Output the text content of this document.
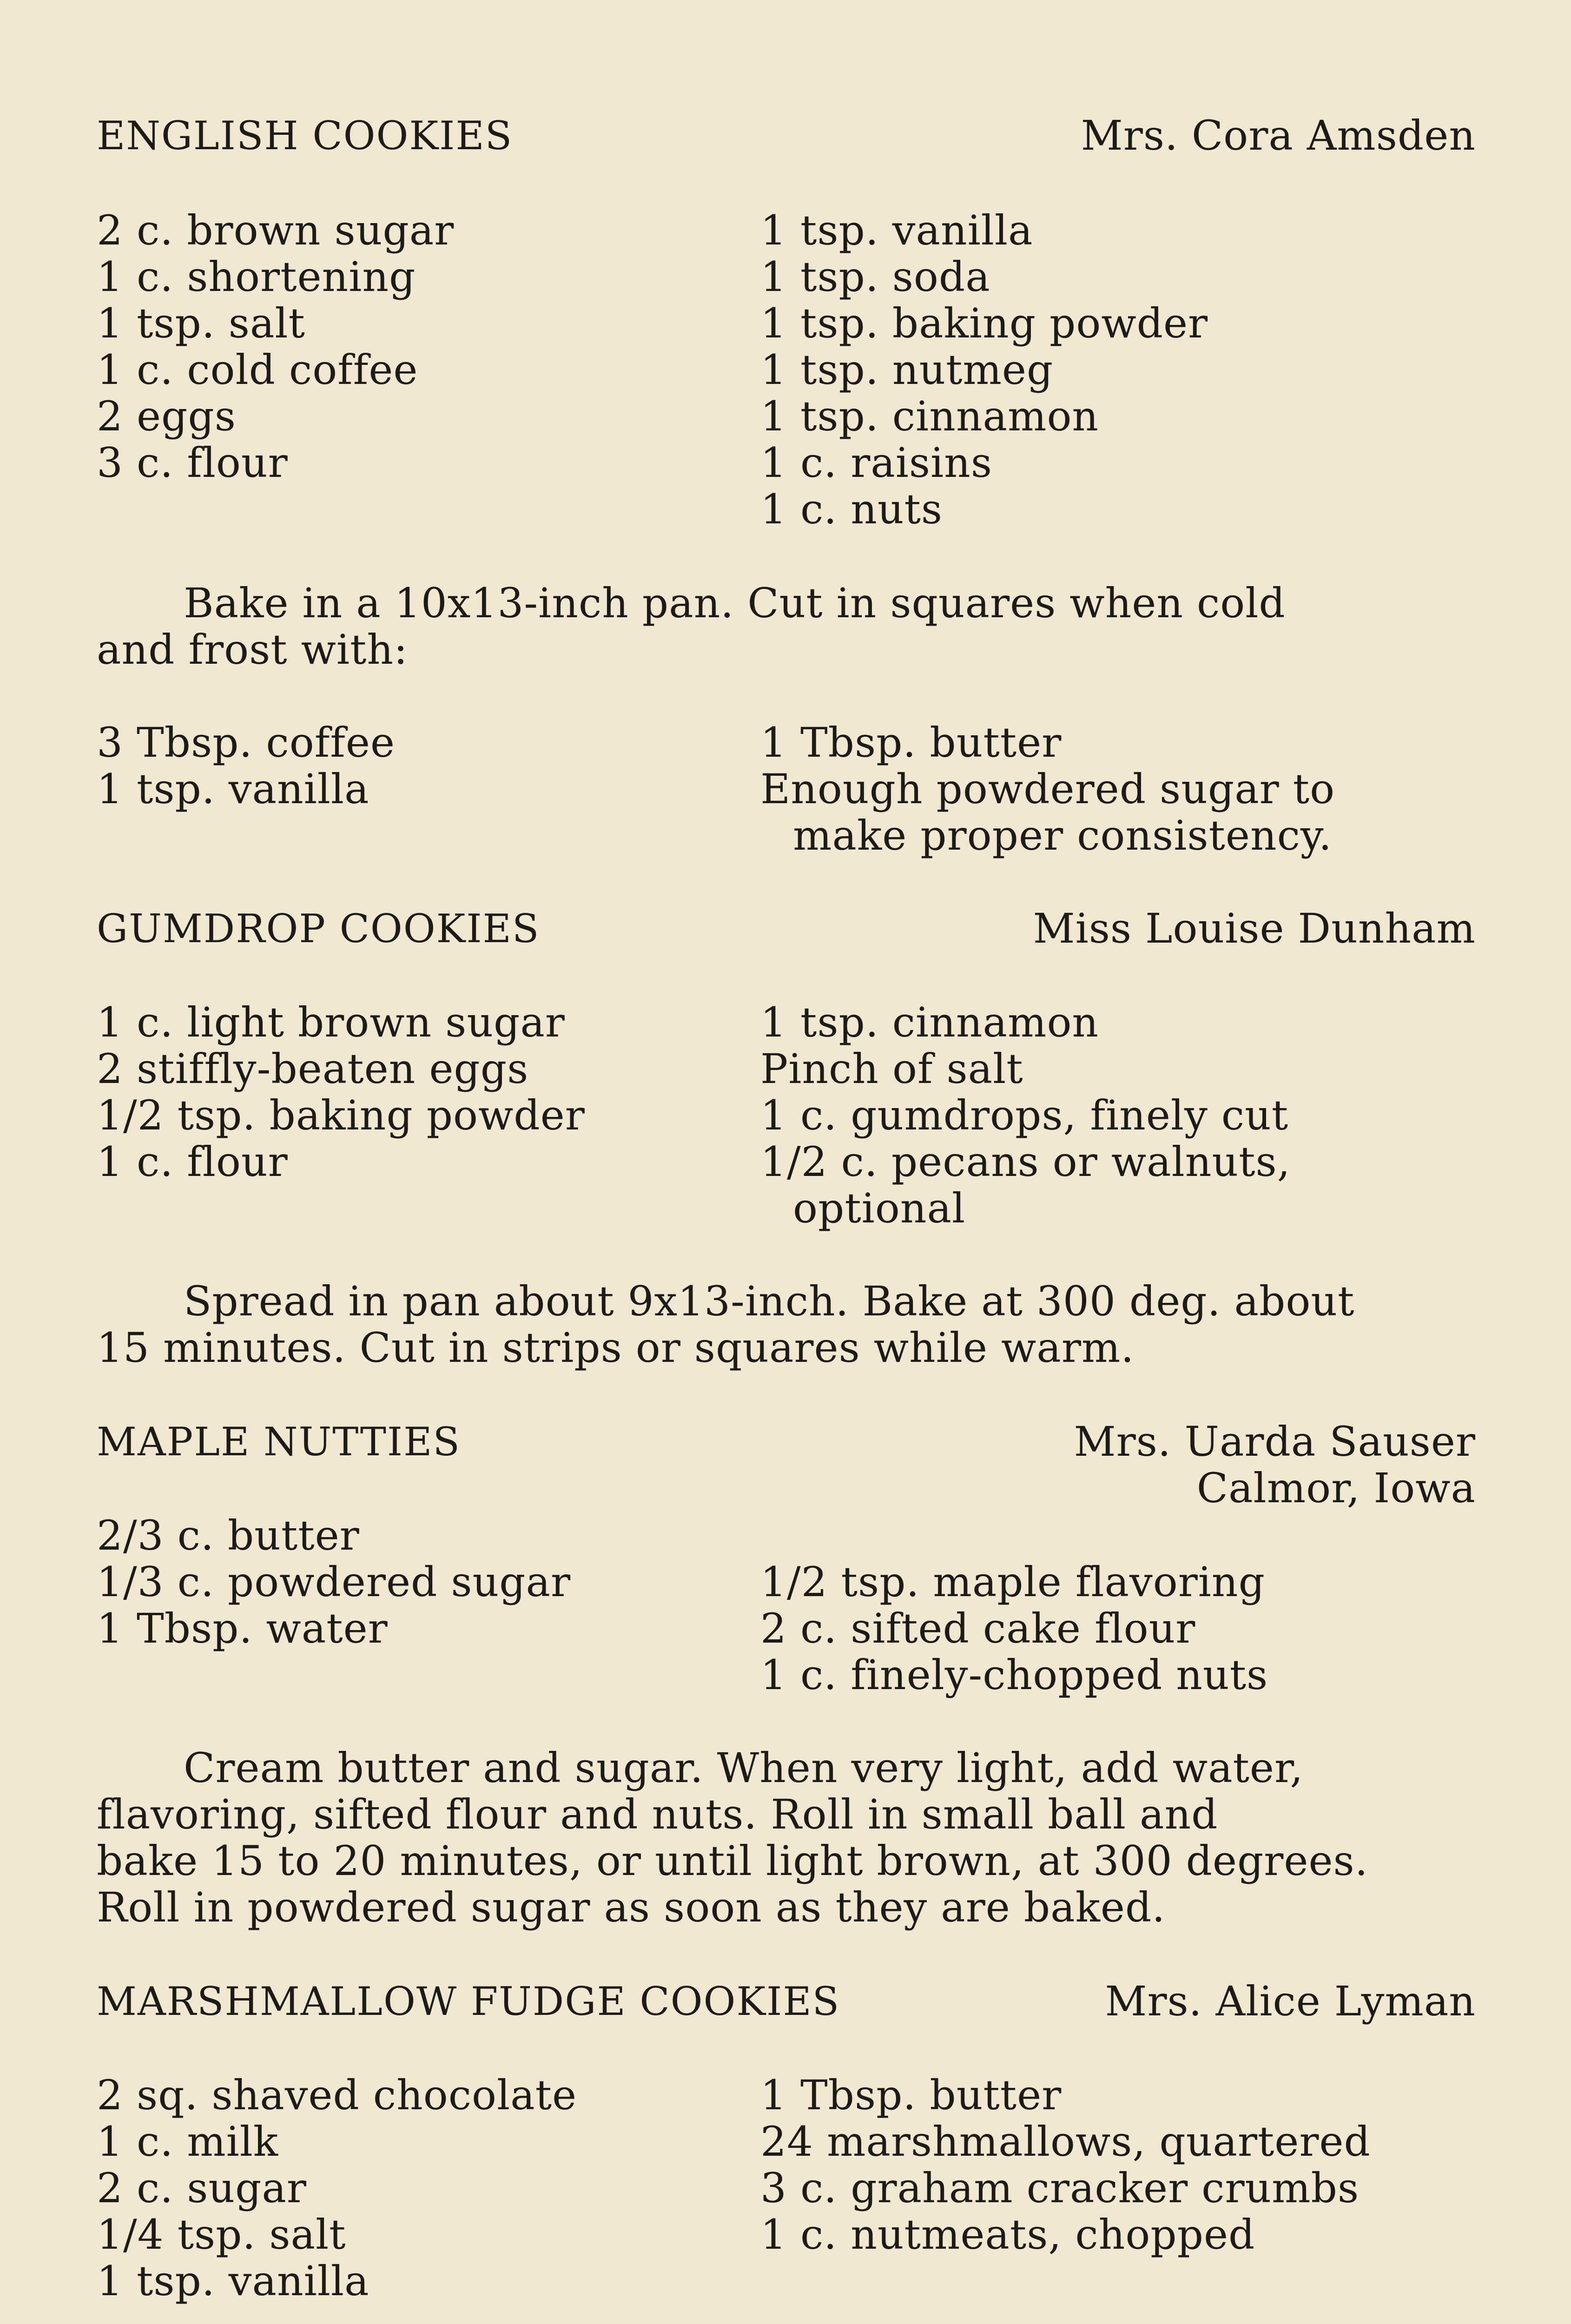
ENGLISH COOKIES	Mrs. Cora Amsden
2 c. brown sugar
1 c. shortening
1 tsp. salt
1 c. cold coffee
2 eggs
3 c. flour
1 tsp. vanilla
1 tsp. soda
1 tsp. baking powder
1 tsp. nutmeg
1 tsp. cinnamon
1 c. raisins
1 c. nuts
Bake in a 10x13-inch pan. Cut in squares when cold
and frost with:
3 Tbsp. coffee
1 tsp. vanilla
1 Tbsp. butter
Enough powdered sugar to
make proper consistency.
GUMDROP COOKIES	Miss Louise Dunham
1 c. light brown sugar
2 stiffly-beaten eggs
1/2 tsp. baking powder
1 c. flour
1 tsp. cinnamon
Pinch of salt
1 c. gumdrops, finely cut
1/2 c. pecans or walnuts,
optional
Spread in pan about 9x13-inch. Bake at 300 deg. about
15 minutes. Cut in strips or squares while warm.
MAPLE NUTTIES	Mrs. Uarda Sauser
Calmor, Iowa
2/3 c. butter
1/3 c. powdered sugar
1 Tbsp. water
1/2 tsp. maple flavoring
2 c. sifted cake flour
1 c. finely-chopped nuts
Cream butter and sugar. When very light, add water,
flavoring, sifted flour and nuts. Roll in small ball and
bake 15 to 20 minutes, or until light brown, at 300 degrees.
Roll in powdered sugar as soon as they are baked.
MARSHMALLOW FUDGE COOKIES	Mrs. Alice Lyman
2 sq. shaved chocolate
1 c. milk
2 c. sugar
1/4 tsp. salt
1 tsp. vanilla
1 Tbsp. butter
24 marshmallows, quartered
3 c. graham cracker crumbs
1 c. nutmeats, chopped
